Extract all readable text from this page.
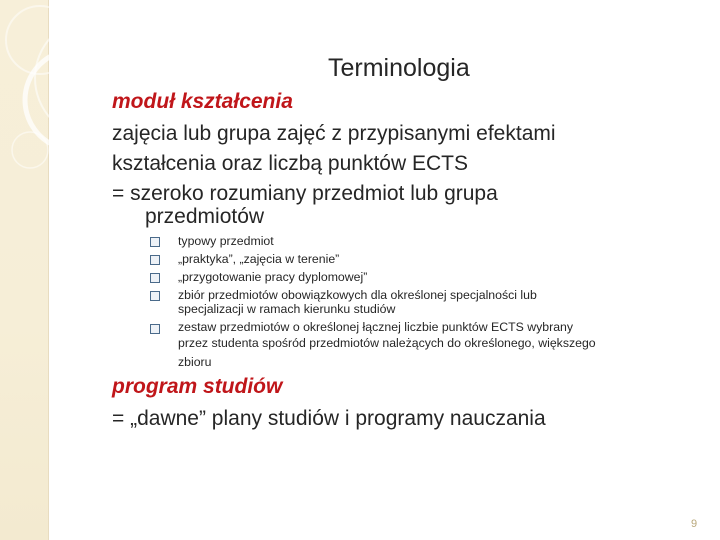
Terminologia
moduł kształcenia
zajęcia lub grupa zajęć z przypisanymi efektami
kształcenia oraz liczbą punktów ECTS
= szeroko rozumiany przedmiot lub grupa
przedmiotów
typowy przedmiot
„praktyka”, „zajęcia w terenie”
„przygotowanie pracy dyplomowej”
zbiór przedmiotów obowiązkowych dla określonej specjalności lub
specjalizacji w ramach kierunku studiów
zestaw przedmiotów o określonej łącznej liczbie punktów ECTS wybrany
przez studenta spośród przedmiotów należących do określonego, większego
zbioru
program studiów
= „dawne” plany studiów i programy nauczania
9
